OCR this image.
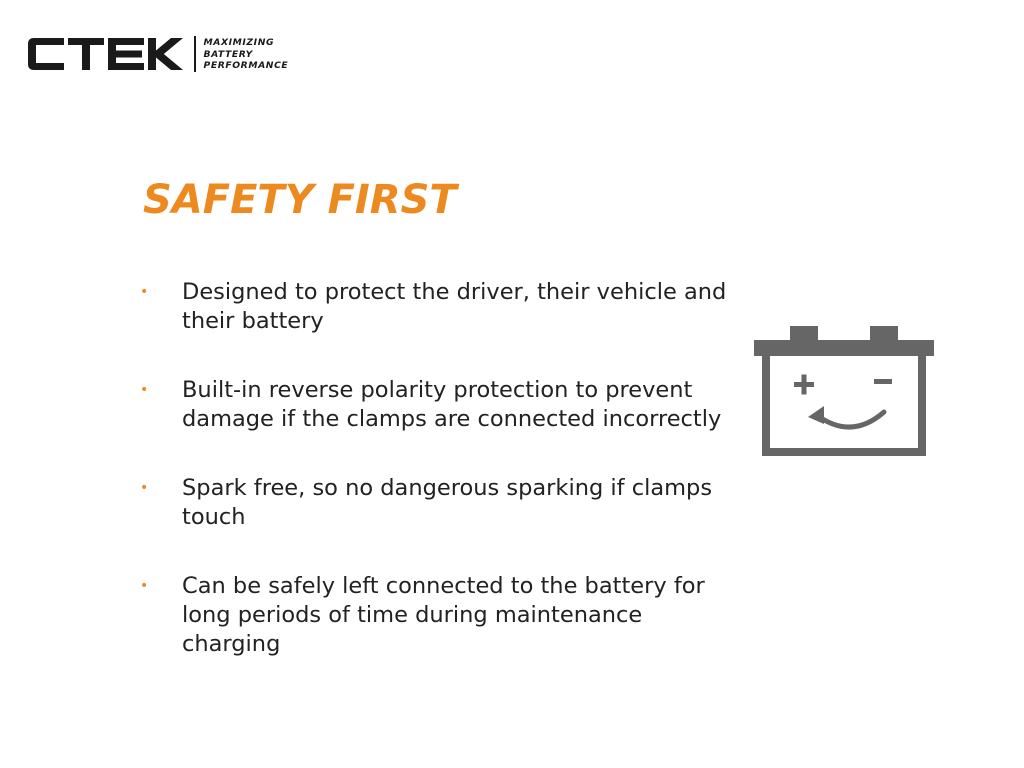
MAXIMIZING
BATTERY
PERFORMANCE
SAFETY FIRST
• Designed to protect the driver, their vehicle and their battery
• Built-in reverse polarity protection to prevent damage if the clamps are connected incorrectly
• Spark free, so no dangerous sparking if clamps touch
• Can be safely left connected to the battery for long periods of time during maintenance charging
